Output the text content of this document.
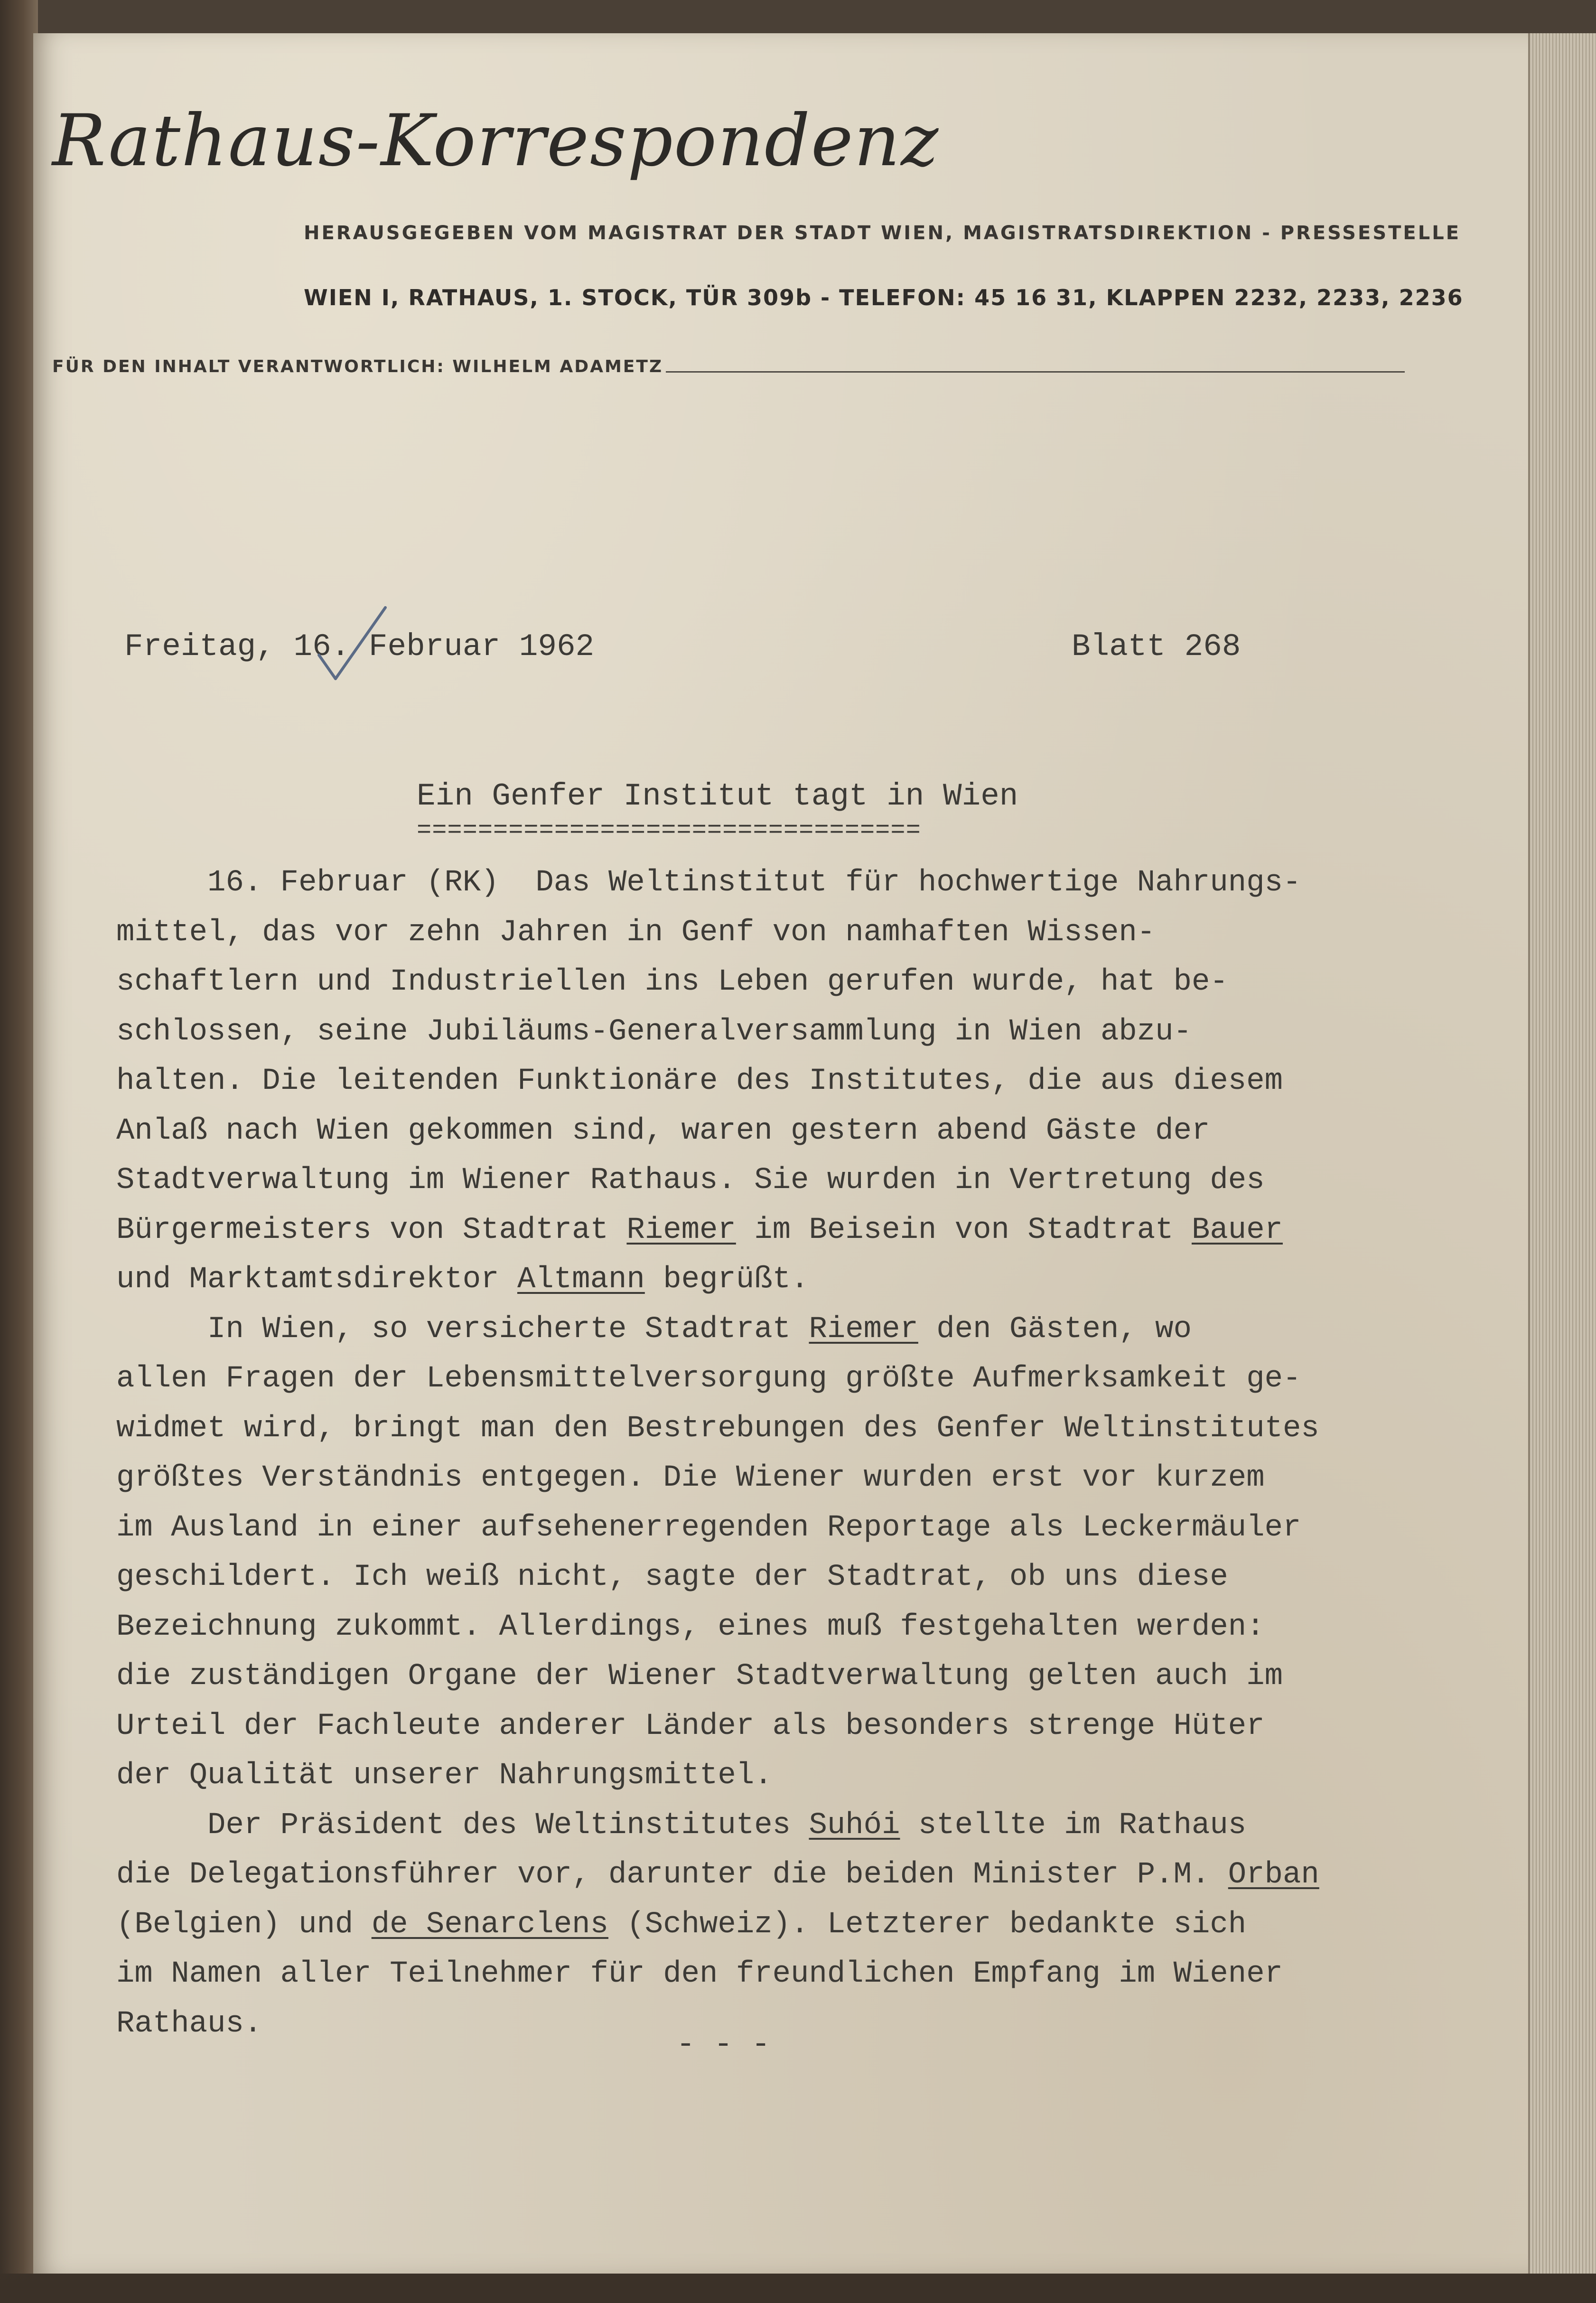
Rathaus-Korrespondenz
HERAUSGEGEBEN VOM MAGISTRAT DER STADT WIEN, MAGISTRATSDIREKTION - PRESSESTELLE
WIEN I, RATHAUS, 1. STOCK, TÜR 309b - TELEFON: 45 16 31, KLAPPEN 2232, 2233, 2236
FÜR DEN INHALT VERANTWORTLICH: WILHELM ADAMETZ
Freitag, 16. Februar 1962	Blatt 268
Ein Genfer Institut tagt in Wien
=================================
16. Februar (RK)  Das Weltinstitut für hochwertige Nahrungs-
mittel, das vor zehn Jahren in Genf von namhaften Wissen-
schaftlern und Industriellen ins Leben gerufen wurde, hat be-
schlossen, seine Jubiläums-Generalversammlung in Wien abzu-
halten. Die leitenden Funktionäre des Institutes, die aus diesem
Anlaß nach Wien gekommen sind, waren gestern abend Gäste der
Stadtverwaltung im Wiener Rathaus. Sie wurden in Vertretung des
Bürgermeisters von Stadtrat Riemer im Beisein von Stadtrat Bauer
und Marktamtsdirektor Altmann begrüßt.
In Wien, so versicherte Stadtrat Riemer den Gästen, wo
allen Fragen der Lebensmittelversorgung größte Aufmerksamkeit ge-
widmet wird, bringt man den Bestrebungen des Genfer Weltinstitutes
größtes Verständnis entgegen. Die Wiener wurden erst vor kurzem
im Ausland in einer aufsehenerregenden Reportage als Leckermäuler
geschildert. Ich weiß nicht, sagte der Stadtrat, ob uns diese
Bezeichnung zukommt. Allerdings, eines muß festgehalten werden:
die zuständigen Organe der Wiener Stadtverwaltung gelten auch im
Urteil der Fachleute anderer Länder als besonders strenge Hüter
der Qualität unserer Nahrungsmittel.
Der Präsident des Weltinstitutes Suhói stellte im Rathaus
die Delegationsführer vor, darunter die beiden Minister P.M. Orban
(Belgien) und de Senarclens (Schweiz). Letzterer bedankte sich
im Namen aller Teilnehmer für den freundlichen Empfang im Wiener
Rathaus.
- - -
